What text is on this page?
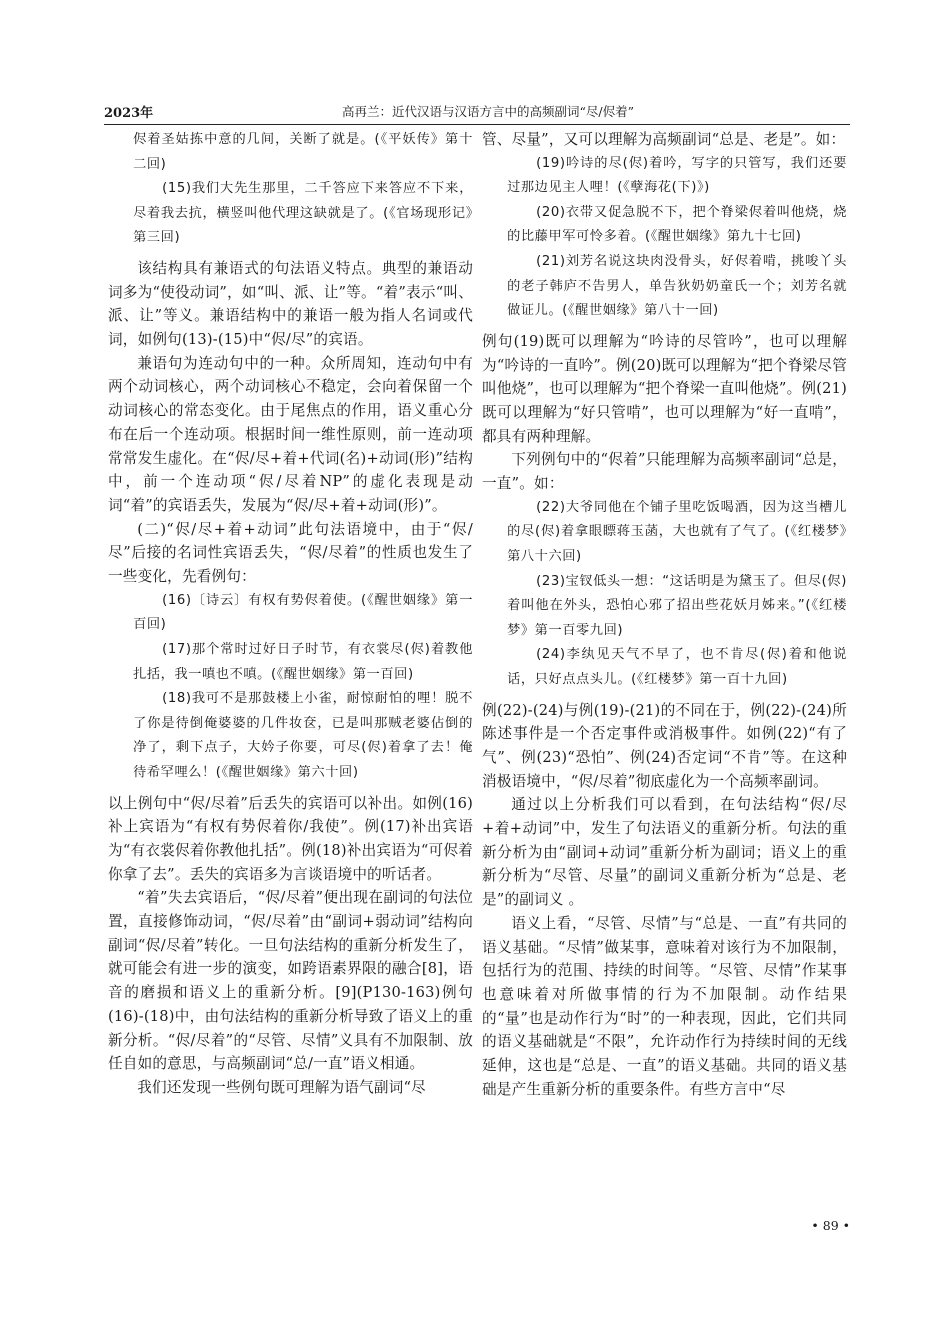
2023年	高再兰：近代汉语与汉语方言中的高频副词“尽/侭着”

侭着圣姑拣中意的几间，关断了就是。(《平妖传》第十二回)

(15)我们大先生那里，二千答应下来答应不下来，尽着我去抗，横竖叫他代理这缺就是了。(《官场现形记》第三回)

该结构具有兼语式的句法语义特点。典型的兼语动词多为“使役动词”，如“叫、派、让”等。“着”表示“叫、派、让”等义。兼语结构中的兼语一般为指人名词或代词，如例句(13)-(15)中“侭/尽”的宾语。

兼语句为连动句中的一种。众所周知，连动句中有两个动词核心，两个动词核心不稳定，会向着保留一个动词核心的常态变化。由于尾焦点的作用，语义重心分布在后一个连动项。根据时间一维性原则，前一连动项常常发生虚化。在“侭/尽+着+代词(名)+动词(形)”结构中，前一个连动项“侭/尽着NP”的虚化表现是动词“着”的宾语丢失，发展为“侭/尽+着+动词(形)”。

(二)“侭/尽+着+动词”此句法语境中，由于“侭/尽”后接的名词性宾语丢失，“侭/尽着”的性质也发生了一些变化，先看例句：

(16)〔诗云〕有权有势侭着使。(《醒世姻缘》第一百回)

(17)那个常时过好日子时节，有衣裳尽(侭)着教他扎括，我一嗔也不嗔。(《醒世姻缘》第一百回)

(18)我可不是那鼓楼上小雀，耐惊耐怕的哩！脱不了你是待倒俺婆婆的几件妆奁，已是叫那贼老婆佔倒的净了，剩下点子，大妗子你要，可尽(侭)着拿了去！俺待希罕哩么！(《醒世姻缘》第六十回)

以上例句中“侭/尽着”后丢失的宾语可以补出。如例(16)补上宾语为“有权有势侭着你/我使”。例(17)补出宾语为“有衣裳侭着你教他扎括”。例(18)补出宾语为“可侭着你拿了去”。丢失的宾语多为言谈语境中的听话者。

“着”失去宾语后，“侭/尽着”便出现在副词的句法位置，直接修饰动词，“侭/尽着”由“副词+弱动词”结构向副词“侭/尽着”转化。一旦句法结构的重新分析发生了，就可能会有进一步的演变，如跨语素界限的融合[8]，语音的磨损和语义上的重新分析。[9](P130-163)例句(16)-(18)中，由句法结构的重新分析导致了语义上的重新分析。“侭/尽着”的“尽管、尽情”义具有不加限制、放任自如的意思，与高频副词“总/一直”语义相通。

我们还发现一些例句既可理解为语气副词“尽

管、尽量”，又可以理解为高频副词“总是、老是”。如：

(19)吟诗的尽(侭)着吟，写字的只管写，我们还要过那边见主人哩！(《孽海花(下)》)

(20)衣带又促急脱不下，把个脊梁侭着叫他烧，烧的比藤甲军可怜多着。(《醒世姻缘》第九十七回)

(21)刘芳名说这块肉没骨头，好侭着啃，挑唆丫头的老子韩庐不告男人，单告狄奶奶童氏一个；刘芳名就做证儿。(《醒世姻缘》第八十一回)

例句(19)既可以理解为“吟诗的尽管吟”，也可以理解为“吟诗的一直吟”。例(20)既可以理解为“把个脊梁尽管叫他烧”，也可以理解为“把个脊梁一直叫他烧”。例(21)既可以理解为“好只管啃”，也可以理解为“好一直啃”，都具有两种理解。

下列例句中的“侭着”只能理解为高频率副词“总是，一直”。如：

(22)大爷同他在个铺子里吃饭喝酒，因为这当槽儿的尽(侭)着拿眼瞟蒋玉菡，大也就有了气了。(《红楼梦》第八十六回)

(23)宝钗低头一想：“这话明是为黛玉了。但尽(侭)着叫他在外头，恐怕心邪了招出些花妖月姊来。”(《红楼梦》第一百零九回)

(24)李纨见天气不早了，也不肯尽(侭)着和他说话，只好点点头儿。(《红楼梦》第一百十九回)

例(22)-(24)与例(19)-(21)的不同在于，例(22)-(24)所陈述事件是一个否定事件或消极事件。如例(22)“有了气”、例(23)“恐怕”、例(24)否定词“不肯”等。在这种消极语境中，“侭/尽着”彻底虚化为一个高频率副词。

通过以上分析我们可以看到，在句法结构“侭/尽+着+动词”中，发生了句法语义的重新分析。句法的重新分析为由“副词+动词”重新分析为副词；语义上的重新分析为“尽管、尽量”的副词义重新分析为“总是、老是”的副词义 。

语义上看，“尽管、尽情”与“总是、一直”有共同的语义基础。“尽情”做某事，意味着对该行为不加限制，包括行为的范围、持续的时间等。“尽管、尽情”作某事也意味着对所做事情的行为不加限制。动作结果的“量”也是动作行为“时”的一种表现，因此，它们共同的语义基础就是“不限”，允许动作行为持续时间的无线延伸，这也是“总是、一直”的语义基础。共同的语义基础是产生重新分析的重要条件。有些方言中“尽

• 89 •
